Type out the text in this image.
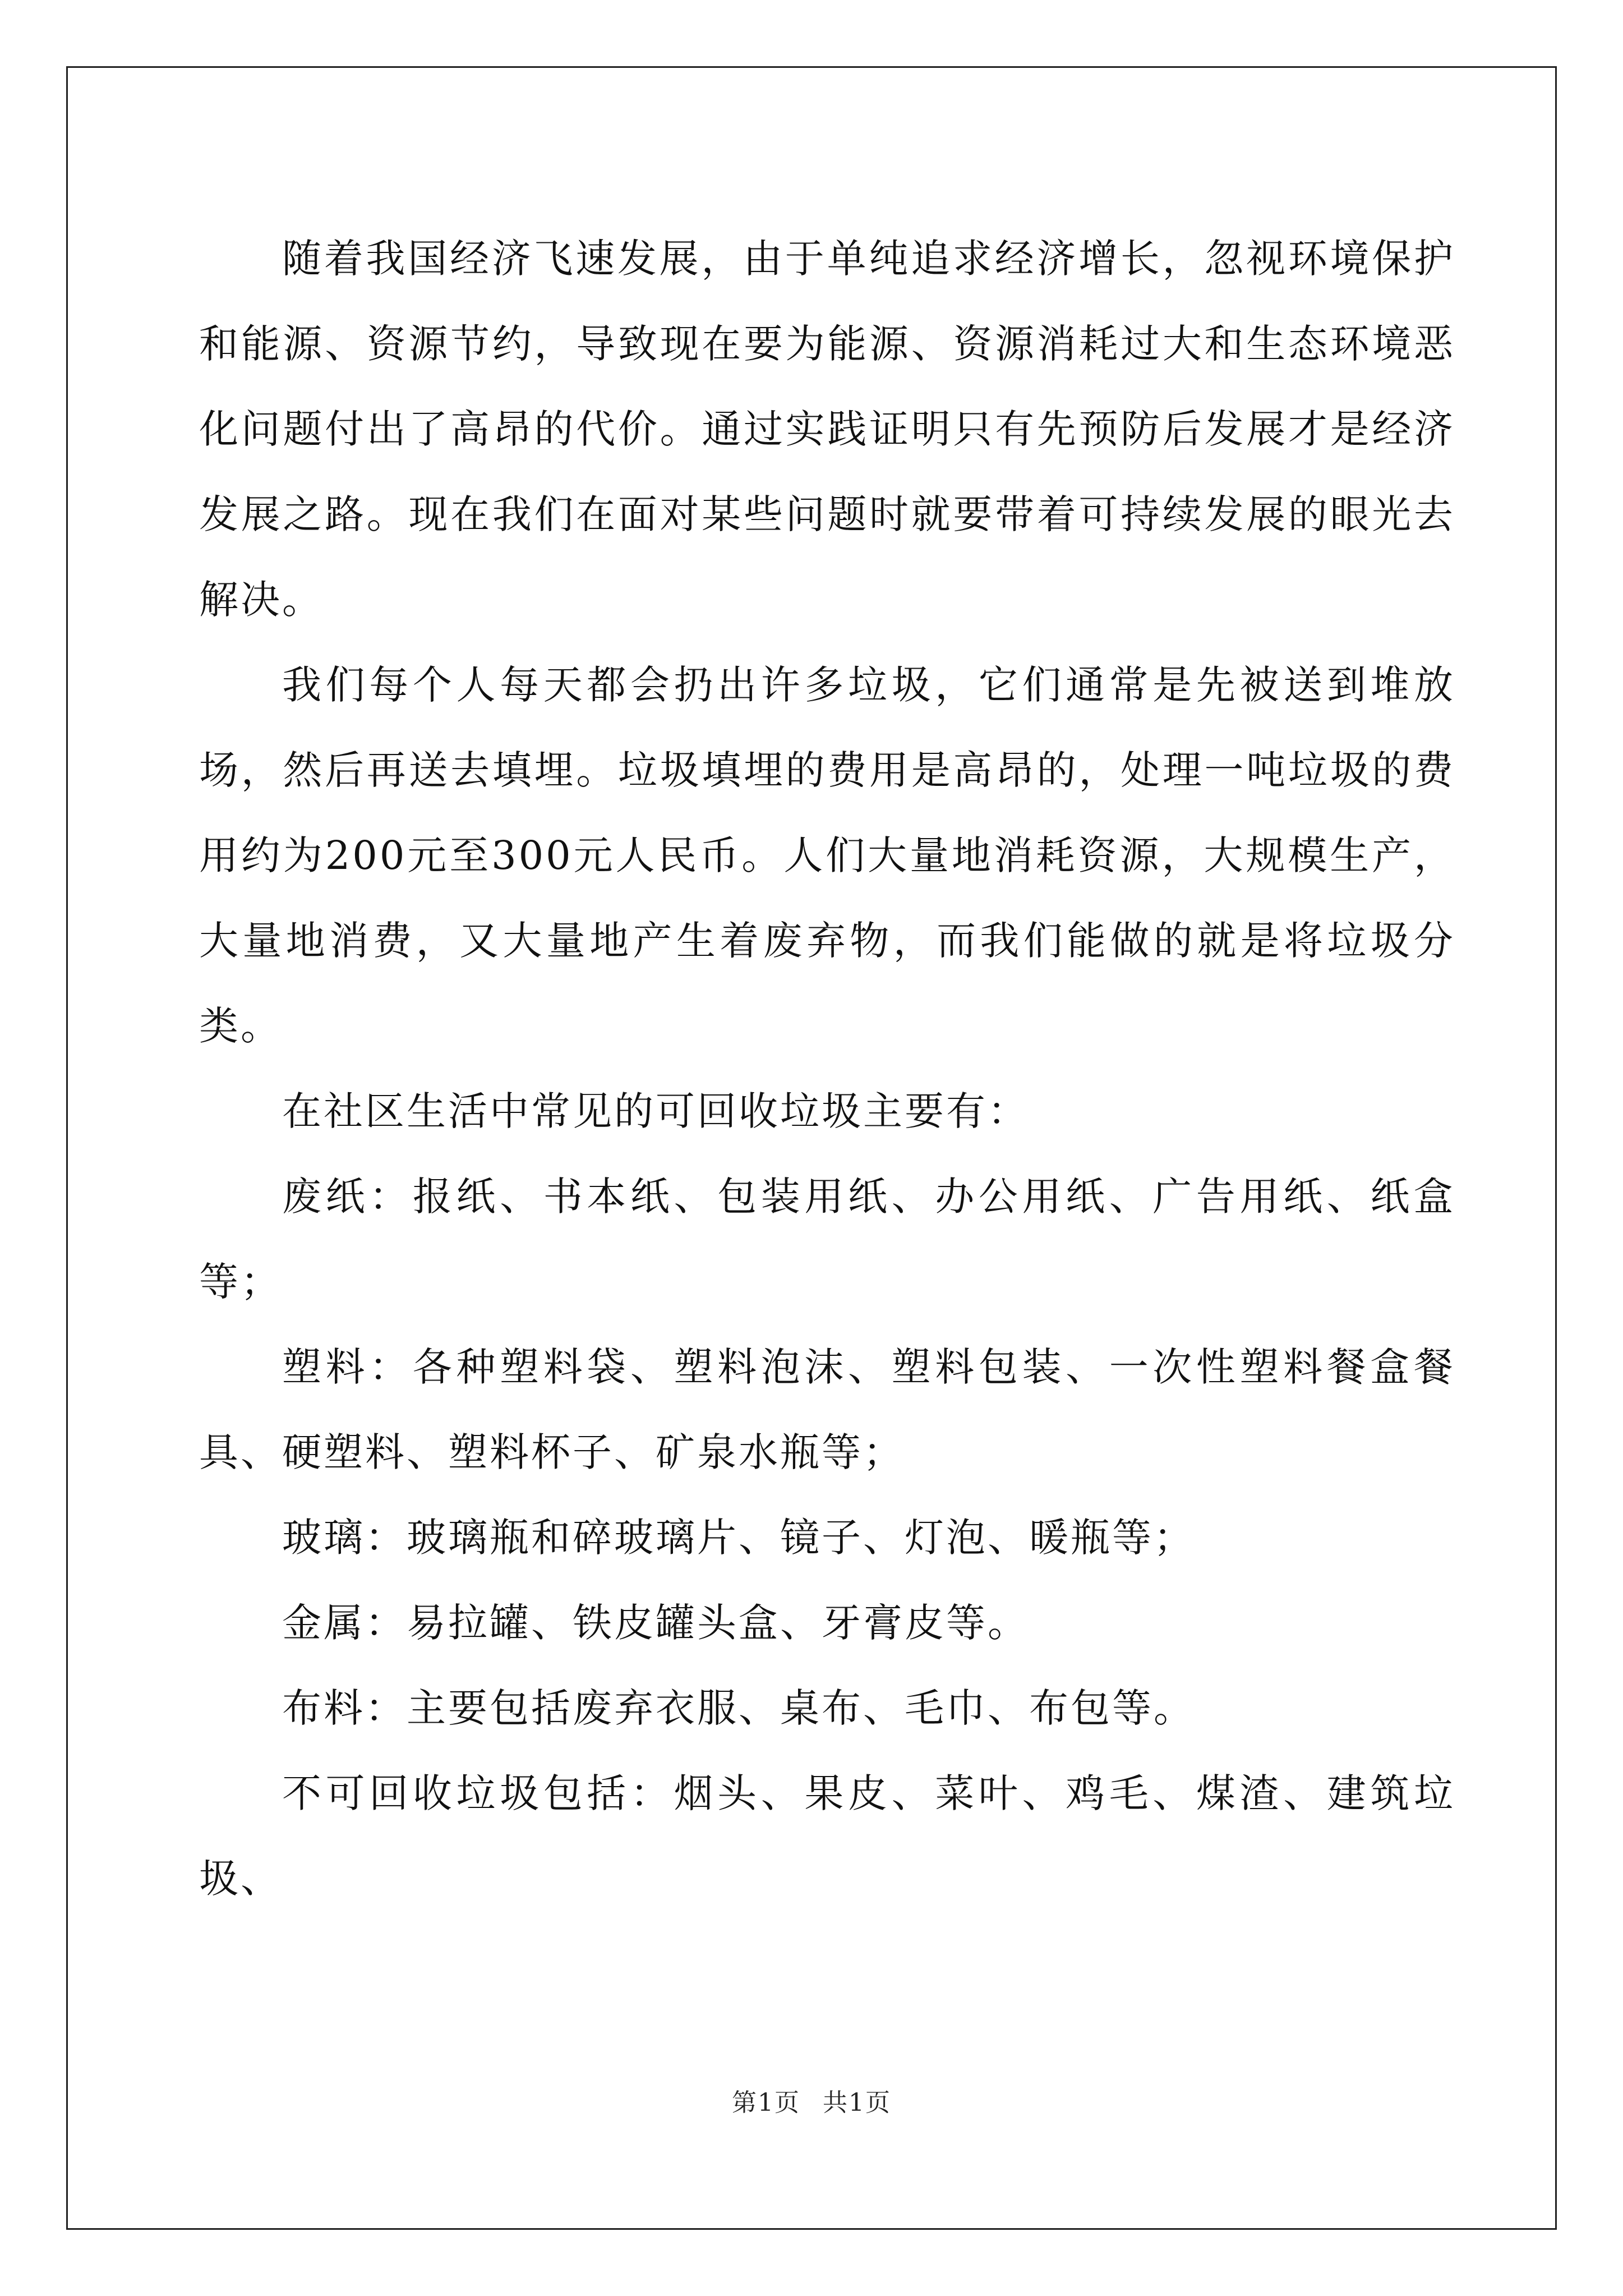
随着我国经济飞速发展，由于单纯追求经济增长，忽视环境保护和能源、资源节约，导致现在要为能源、资源消耗过大和生态环境恶化问题付出了高昂的代价。通过实践证明只有先预防后发展才是经济发展之路。现在我们在面对某些问题时就要带着可持续发展的眼光去解决。

我们每个人每天都会扔出许多垃圾，它们通常是先被送到堆放场，然后再送去填埋。垃圾填埋的费用是高昂的，处理一吨垃圾的费用约为200元至300元人民币。人们大量地消耗资源，大规模生产，大量地消费，又大量地产生着废弃物，而我们能做的就是将垃圾分类。

在社区生活中常见的可回收垃圾主要有：

废纸：报纸、书本纸、包装用纸、办公用纸、广告用纸、纸盒等；

塑料：各种塑料袋、塑料泡沫、塑料包装、一次性塑料餐盒餐具、硬塑料、塑料杯子、矿泉水瓶等；

玻璃：玻璃瓶和碎玻璃片、镜子、灯泡、暖瓶等；

金属：易拉罐、铁皮罐头盒、牙膏皮等。

布料：主要包括废弃衣服、桌布、毛巾、布包等。

不可回收垃圾包括：烟头、果皮、菜叶、鸡毛、煤渣、建筑垃圾、

第1页 共1页
